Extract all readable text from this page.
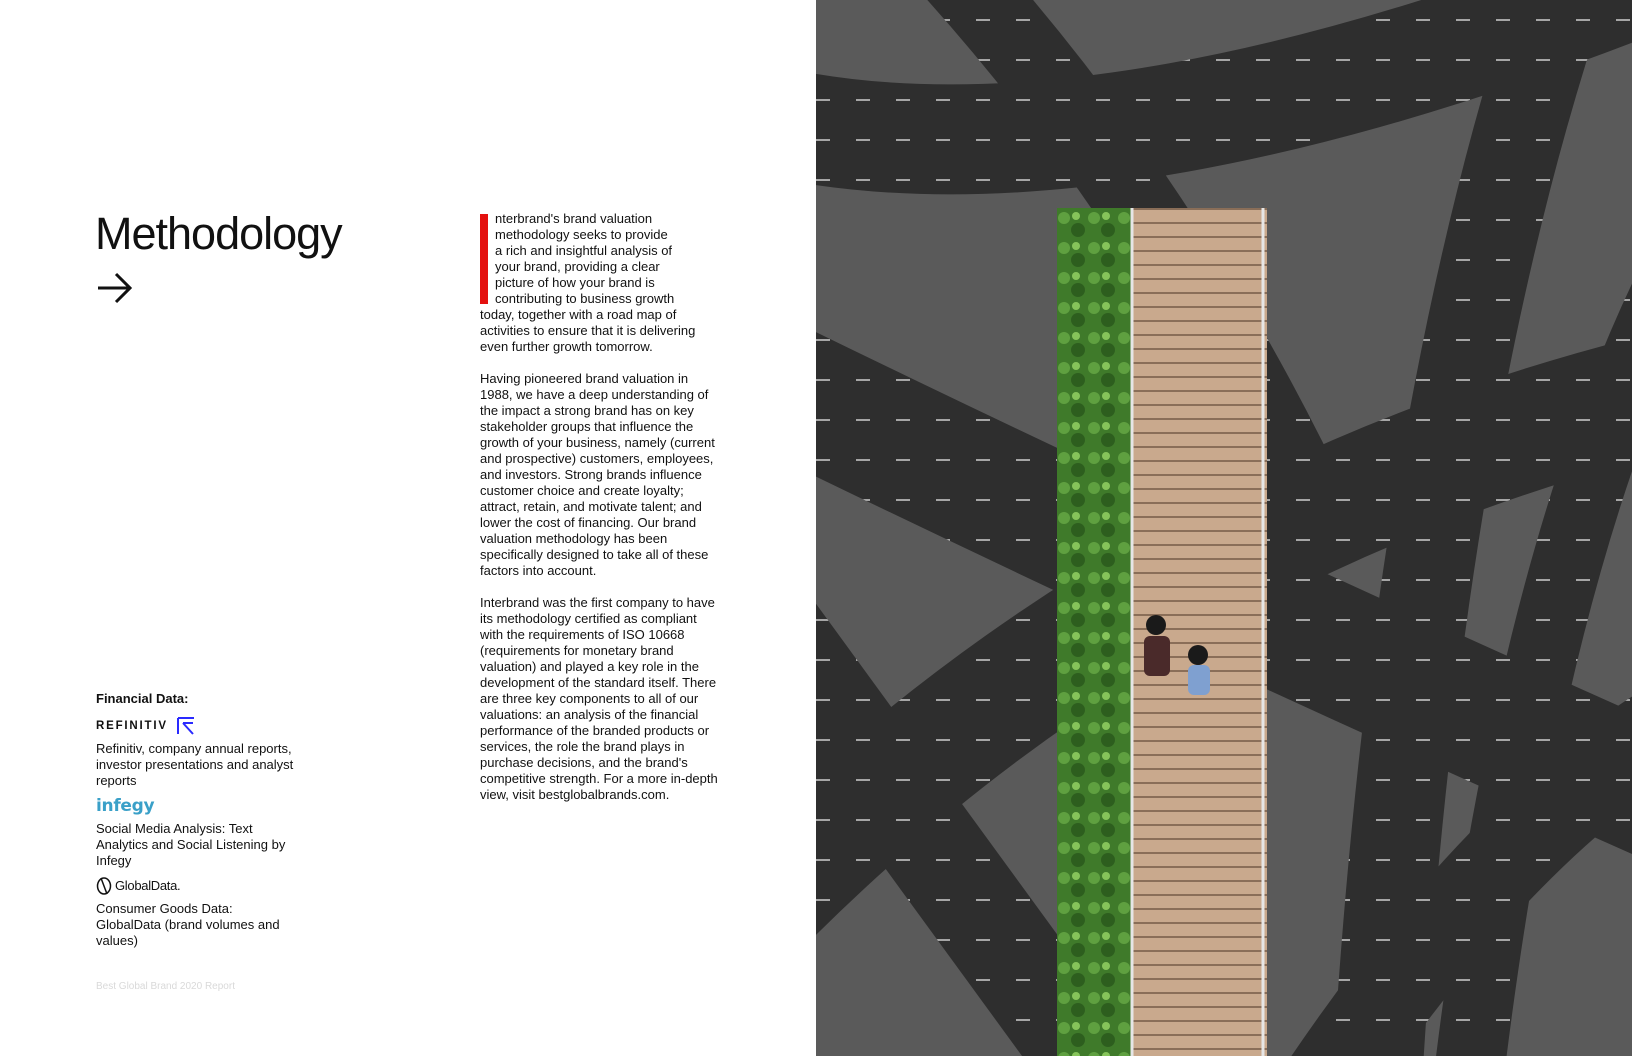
Methodology	nterbrand's brand valuation
methodology seeks to provide
a rich and insightful analysis of
your brand, providing a clear
picture of how your brand is
contributing to business growth
today, together with a road map of
activities to ensure that it is delivering
even further growth tomorrow.

Having pioneered brand valuation in 1988, we have a deep understanding of the impact a strong brand has on key stakeholder groups that influence the growth of your business, namely (current and prospective) customers, employees, and investors. Strong brands influence customer choice and create loyalty; attract, retain, and motivate talent; and lower the cost of financing. Our brand valuation methodology has been specifically designed to take all of these factors into account.

Interbrand was the first company to have its methodology certified as compliant with the requirements of ISO 10668 (requirements for monetary brand valuation) and played a key role in the development of the standard itself. There are three key components to all of our valuations: an analysis of the financial performance of the branded products or services, the role the brand plays in purchase decisions, and the brand's competitive strength. For a more in-depth view, visit bestglobalbrands.com.

Financial Data:
REFINITIV
Refinitiv, company annual reports, investor presentations and analyst reports
infegy
Social Media Analysis: Text Analytics and Social Listening by Infegy
GlobalData.
Consumer Goods Data: GlobalData (brand volumes and values)
Best Global Brand 2020 Report
